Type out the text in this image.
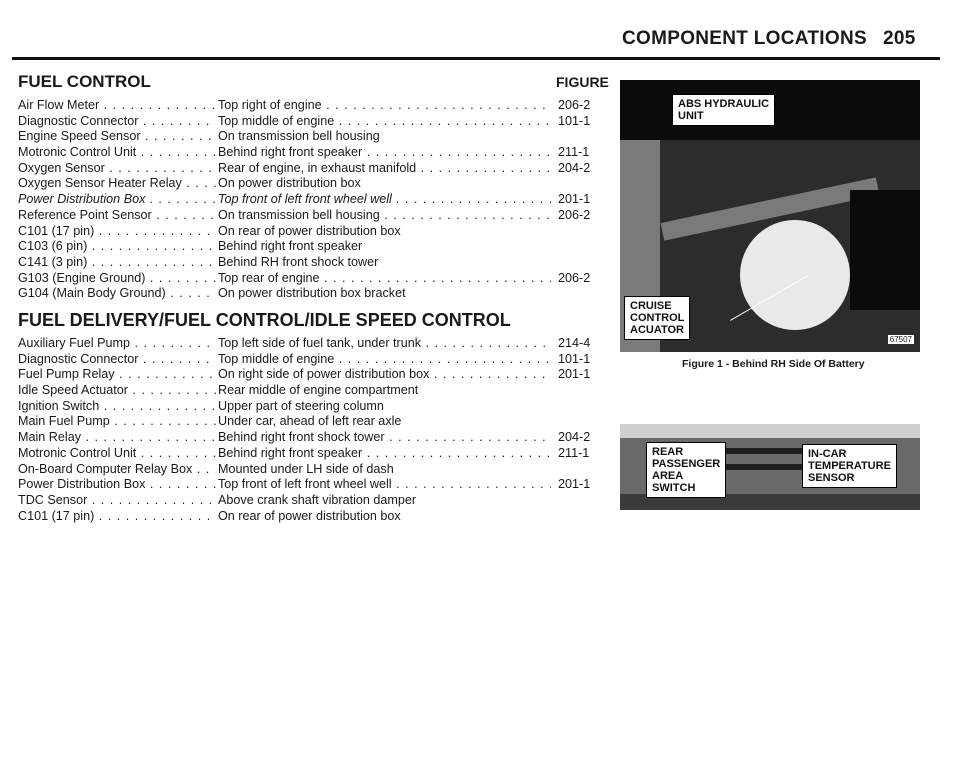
COMPONENT LOCATIONS 205
FUEL CONTROL	FIGURE
Air Flow Meter . . .	Top right of engine . . .	206-2
Diagnostic Connector . . .	Top middle of engine . . .	101-1
Engine Speed Sensor . . .	On transmission bell housing
Motronic Control Unit . . .	Behind right front speaker . . .	211-1
Oxygen Sensor . . .	Rear of engine, in exhaust manifold . . .	204-2
Oxygen Sensor Heater Relay . . .	On power distribution box
Power Distribution Box . . .	Top front of left front wheel well . . .	201-1
Reference Point Sensor . . .	On transmission bell housing . . .	206-2
C101 (17 pin) . . .	On rear of power distribution box
C103 (6 pin) . . .	Behind right front speaker
C141 (3 pin) . . .	Behind RH front shock tower
G103 (Engine Ground) . . .	Top rear of engine . . .	206-2
G104 (Main Body Ground) . . .	On power distribution box bracket
FUEL DELIVERY/FUEL CONTROL/IDLE SPEED CONTROL
Auxiliary Fuel Pump . . .	Top left side of fuel tank, under trunk . . .	214-4
Diagnostic Connector . . .	Top middle of engine . . .	101-1
Fuel Pump Relay . . .	On right side of power distribution box . . .	201-1
Idle Speed Actuator . . .	Rear middle of engine compartment
Ignition Switch . . .	Upper part of steering column
Main Fuel Pump . . .	Under car, ahead of left rear axle
Main Relay . . .	Behind right front shock tower . . .	204-2
Motronic Control Unit . . .	Behind right front speaker . . .	211-1
On-Board Computer Relay Box . . .	Mounted under LH side of dash
Power Distribution Box . . .	Top front of left front wheel well . . .	201-1
TDC Sensor . . .	Above crank shaft vibration damper
C101 (17 pin) . . .	On rear of power distribution box
ABS HYDRAULIC
UNIT
CRUISE
CONTROL
ACUATOR
67507
Figure 1 - Behind RH Side Of Battery
REAR
PASSENGER
AREA
SWITCH
IN-CAR
TEMPERATURE
SENSOR
